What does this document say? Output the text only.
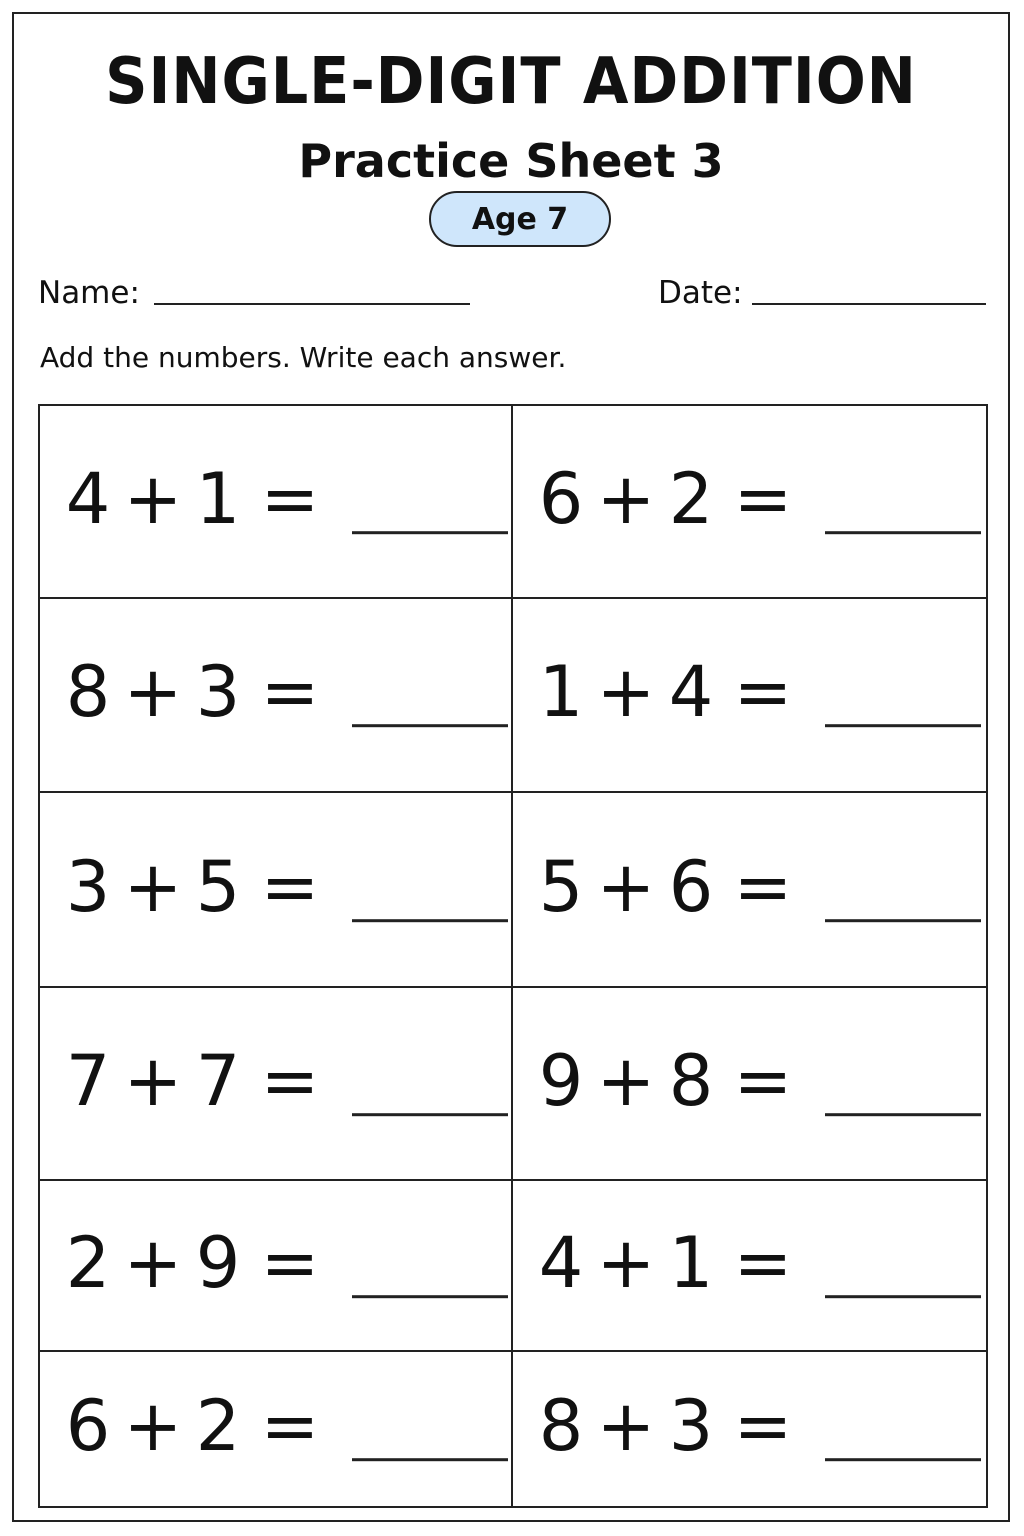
SINGLE-DIGIT ADDITION
Practice Sheet 3
Age 7
Name:	Date:
Add the numbers. Write each answer.
4 + 1 =	6 + 2 =
8 + 3 =	1 + 4 =
3 + 5 =	5 + 6 =
7 + 7 =	9 + 8 =
2 + 9 =	4 + 1 =
6 + 2 =	8 + 3 =
